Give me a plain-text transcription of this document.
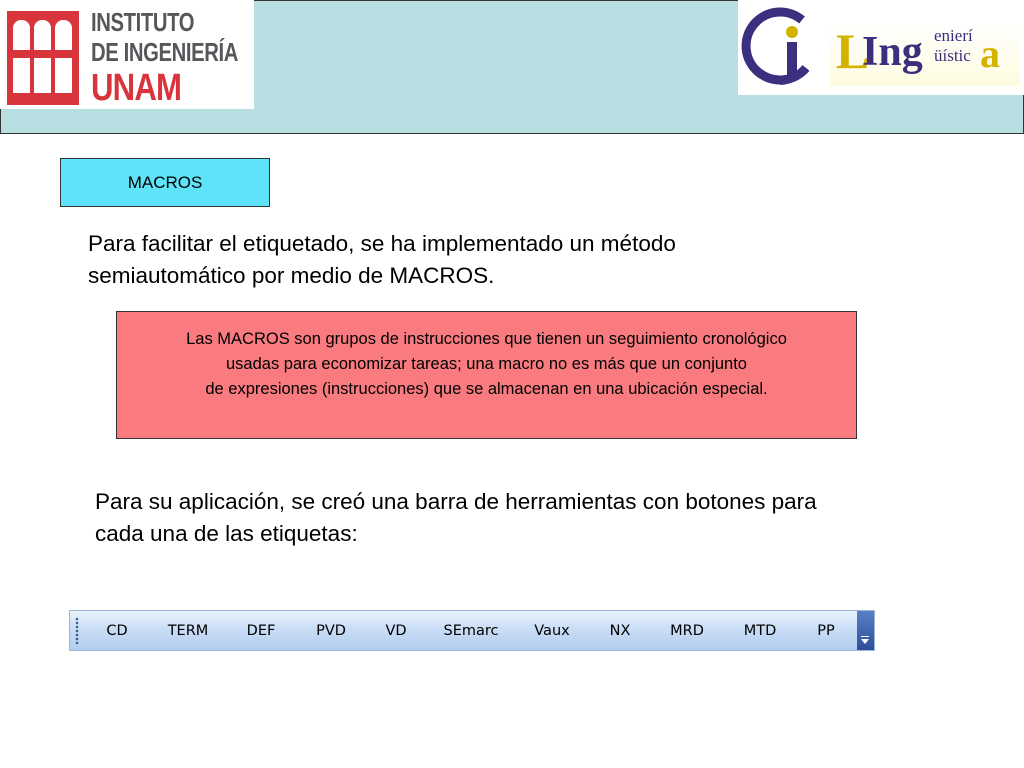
INSTITUTO
DE INGENIERÍA
UNAM
L
Ing enierí
üístic a
MACROS
Para facilitar el etiquetado, se ha implementado un método semiautomático por medio de MACROS.
Las MACROS son grupos de instrucciones que tienen un seguimiento cronológico
usadas para economizar tareas; una macro no es más que un conjunto
de expresiones (instrucciones) que se almacenan en una ubicación especial.
Para su aplicación, se creó una barra de herramientas con botones para cada una de las etiquetas:
CD	TERM	DEF	PVD	VD	SEmarc	Vaux	NX	MRD	MTD	PP
